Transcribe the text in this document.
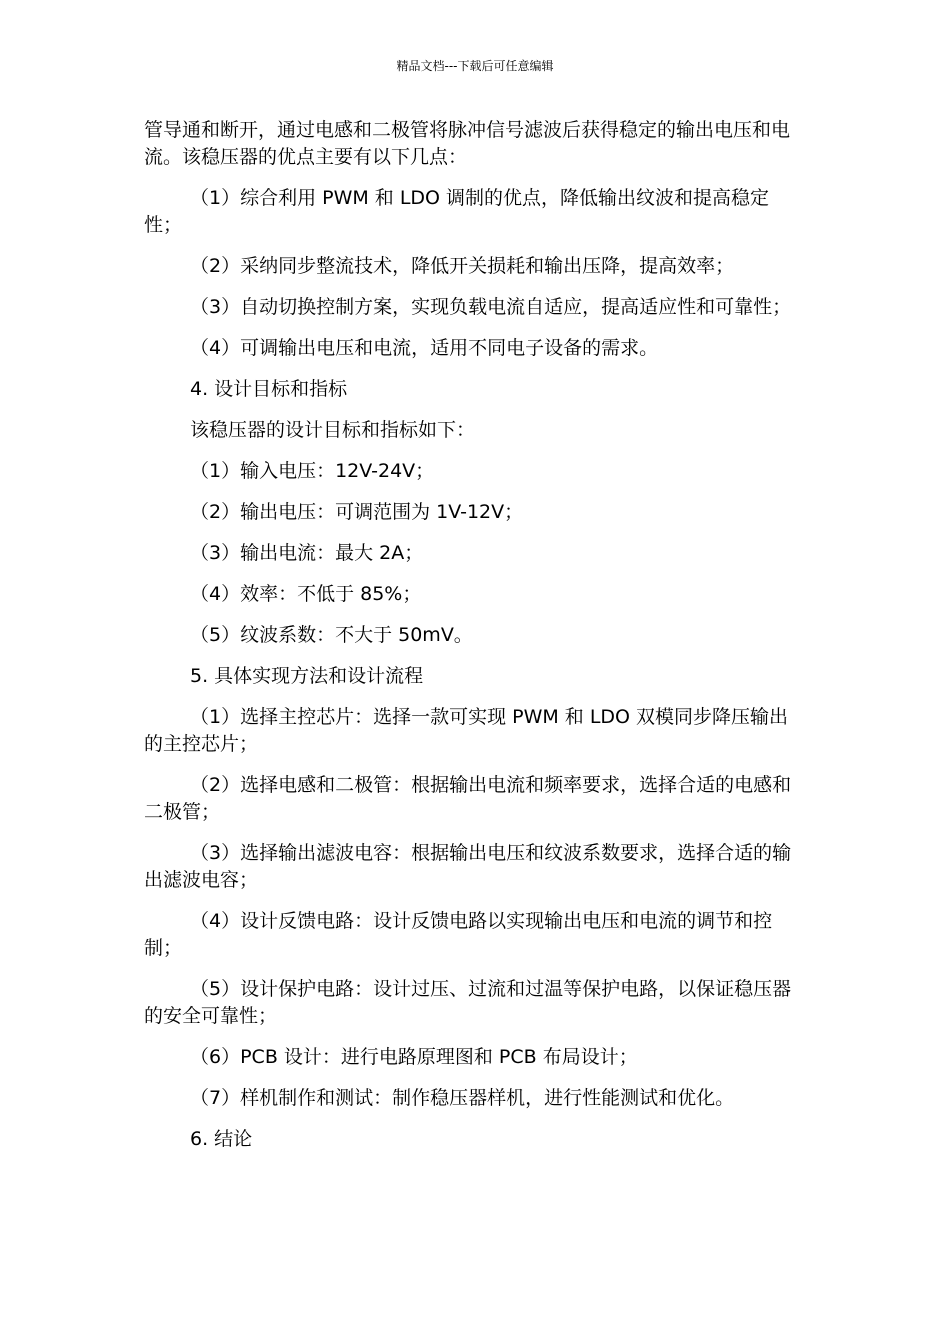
精品文档---下载后可任意编辑

管导通和断开，通过电感和二极管将脉冲信号滤波后获得稳定的输出电压和电流。该稳压器的优点主要有以下几点：

（1）综合利用 PWM 和 LDO 调制的优点，降低输出纹波和提高稳定性；

（2）采纳同步整流技术，降低开关损耗和输出压降，提高效率；

（3）自动切换控制方案，实现负载电流自适应，提高适应性和可靠性；

（4）可调输出电压和电流，适用不同电子设备的需求。

4. 设计目标和指标

该稳压器的设计目标和指标如下：

（1）输入电压：12V-24V；

（2）输出电压：可调范围为 1V-12V；

（3）输出电流：最大 2A；

（4）效率：不低于 85%；

（5）纹波系数：不大于 50mV。

5. 具体实现方法和设计流程

（1）选择主控芯片：选择一款可实现 PWM 和 LDO 双模同步降压输出的主控芯片；

（2）选择电感和二极管：根据输出电流和频率要求，选择合适的电感和二极管；

（3）选择输出滤波电容：根据输出电压和纹波系数要求，选择合适的输出滤波电容；

（4）设计反馈电路：设计反馈电路以实现输出电压和电流的调节和控制；

（5）设计保护电路：设计过压、过流和过温等保护电路，以保证稳压器的安全可靠性；

（6）PCB 设计：进行电路原理图和 PCB 布局设计；

（7）样机制作和测试：制作稳压器样机，进行性能测试和优化。

6. 结论
